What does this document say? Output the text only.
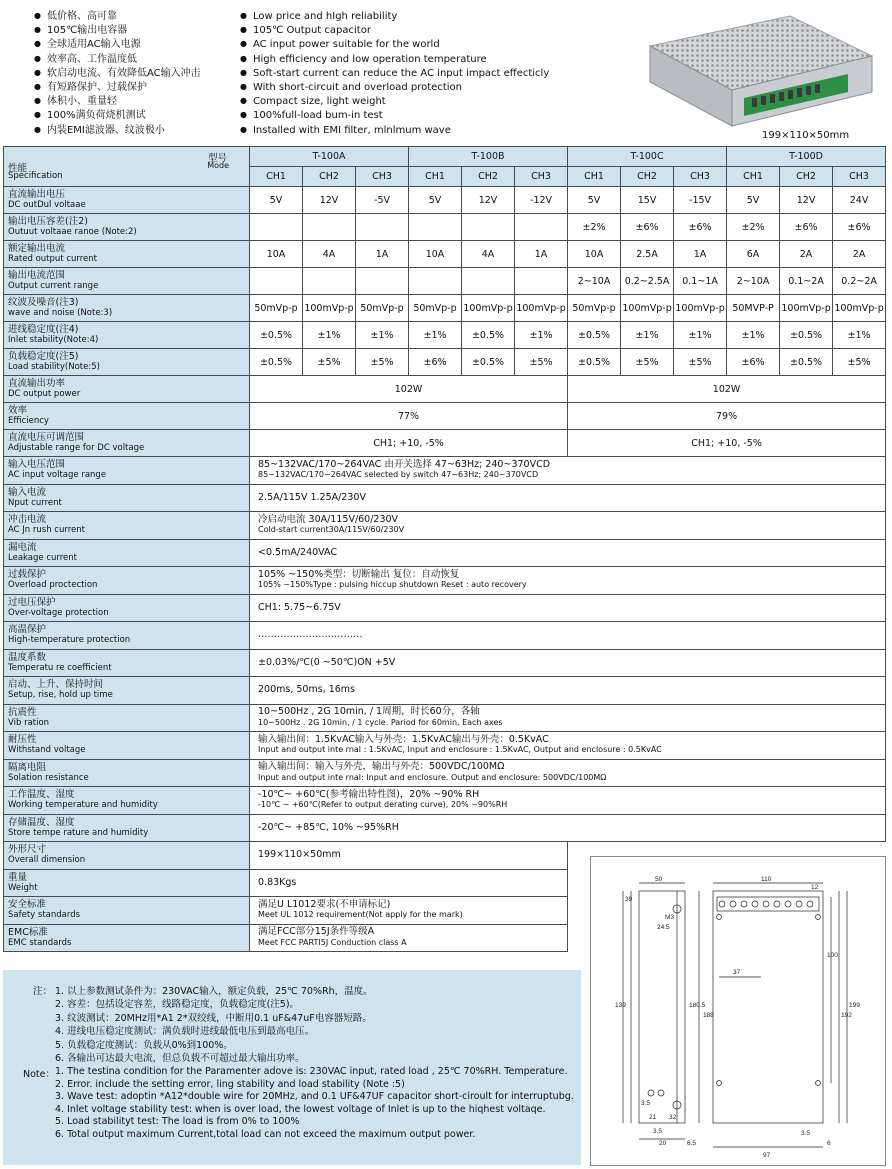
● 低价格、高可靠
● 105℃输出电容器
● 全球适用AC输入电源
● 效率高、工作温度低
● 软启动电流、有效降低AC输入冲击
● 有短路保护、过载保护
● 体积小、重量轻
● 100%满负荷烧机测试
● 内装EMI滤波器、纹波极小
● Low price and hIgh reliability
● 105℃ Output capacitor
● AC input power suitable for the world
● High efficiency and low operation temperature
● Soft-start current can reduce the AC input impact effecticly
● With short-circuit and overload protection
● Compact size, light weight
● 100%full-load bum-in test
● Installed with EMI filter, mlnlmum wave	199×110×50mm
型号
Mode
性能
Specification	T-100A			T-100B			T-100C			T-100D		
	CH1	CH2	CH3	CH1	CH2	CH3	CH1	CH2	CH3	CH1	CH2	CH3

直流输出电压
DC outDul voltaae	5V	12V	-5V	5V	12V	-12V	5V	15V	-15V	5V	12V	24V

输出电压容差(注2)
Outuut voltaae ranoe (Note:2)							±2%	±6%	±6%	±2%	±6%	±6%

额定输出电流
Rated output current	10A	4A	1A	10A	4A	1A	10A	2.5A	1A	6A	2A	2A

输出电流范围
Output current range							2~10A	0.2~2.5A	0.1~1A	2~10A	0.1~2A	0.2~2A

纹波及噪音(注3)
wave and noise (Note:3)	50mVp-p	100mVp-p	50mVp-p	50mVp-p	100mVp-p	100mVp-p	50mVp-p	100mVp-p	100mVp-p	50MVP-P	100mVp-p	100mVp-p

进线稳定度(注4)
Inlet stability(Note:4)	±0.5%	±1%	±1%	±1%	±0.5%	±1%	±0.5%	±1%	±1%	±1%	±0.5%	±1%

负载稳定度(注5)
Load stability(Note:5)	±0.5%	±5%	±5%	±6%	±0.5%	±5%	±0.5%	±5%	±5%	±6%	±0.5%	±5%

直流输出功率
DC output power	102W						102W					

效率
Efficiency	77%						79%					

直流电压可调范围
Adjustable range for DC voltage	CH1; +10, -5%						CH1; +10, -5%					

输入电压范围
AC input voltage range	85~132VAC/170~264VAC 由开关选择 47~63Hz; 240~370VCD
85~132VAC/170~264VAC selected by switch 47~63Hz; 240~370VCD											

输入电流
Nput current	2.5A/115V 1.25A/230V											

冲击电流
AC Jn rush current	冷启动电流 30A/115V/60/230V
Cold-start current30A/115V/60/230V											

漏电流
Leakage current	<0.5mA/240VAC											

过载保护
Overload proctection	105% ~150%类型：切断输出 复位：自动恢复
105% ~150%Type : pulsing hiccup shutdown Reset : auto recovery											

过电压保护
Over-voltage protection	CH1: 5.75~6.75V											

高温保护
High-temperature protection	……………………………											

温度系数
Temperatu re coefficient	±0.03%/℃(0 ~50℃)ON +5V											

启动、上升、保持时间
Setup, rise, hold up time	200ms, 50ms, 16ms											

抗震性
Vib ration	10~500Hz , 2G 10min, / 1周期，时长60分，各轴
10~500Hz . 2G 10min, / 1 cycle. Pariod for 60min, Each axes											

耐压性
Withstand voltage	输入输出间：1.5KvAC输入与外壳：1.5KvAC输出与外壳：0.5KvAC
Input and output inte rnal : 1.5KvAC, Input and enclosure : 1.5KvAC, Output and enclosure : 0.5KvAC											

隔离电阻
Solation resistance	输入输出间：输入与外壳，输出与外壳：500VDC/100MΩ
Input and output inte rnal: Input and enclosure. Output and enclosure: 500VDC/100MΩ											

工作温度、湿度
Working temperature and humidity	-10℃~ +60℃(参考输出特性图)，20% ~90% RH
-10℃ ~ +60℃(Refer to output derating curve), 20% ~90%RH											

存储温度、湿度
Store tempe rature and humidity	-20℃~ +85℃, 10% ~95%RH											

外形尺寸
Overall dimension	199×110×50mm											

重量
Weight	0.83Kgs											

安全标准
Safety standards	满足U L1012要求(不申请标记)
Meet UL 1012 requirement(Not apply for the mark)											

EMC标准
EMC standards	满足FCC部分15J条件等级A
Meet FCC PARTI5J Conduction class A											

注： 1. 以上参数测试条件为：230VAC输入，额定负载，25℃ 70%Rh，温度。
2. 容差：包括设定容差，线路稳定度，负载稳定度(注5)。
3. 纹波测试：20MHz用*A1 2*双绞线，中断用0.1 uF&47uF电容器短路。
4. 进线电压稳定度测试：满负载时进线最低电压到最高电压。
5. 负载稳定度测试：负载从0%到100%。
6. 各输出可达最大电流，但总负载不可超过最大输出功率。
Note： 1. The testina condition for the Paramenter adove is: 230VAC input, rated load , 25℃ 70%RH. Temperature.
2. Error. include the setting error, ling stability and load stability (Note :5)
3. Wave test: adoptin *A12*double wire for 20MHz, and 0.1 UF&47UF capacitor short-ciroult for interruptubg.
4. Inlet voltage stability test: when is over load, the lowest voltage of Inlet is up to the hiqhest voltaqe.
5. Load stabilityt test: The load is from 0% to 100%
6. Total output maximum Current,total load can not exceed the maximum output power.
50	110
12
39
M3
24.5
100
37
139	180.5
188
199
192
3.5
21 32
3.5
20	6.5
97
3.5
6
